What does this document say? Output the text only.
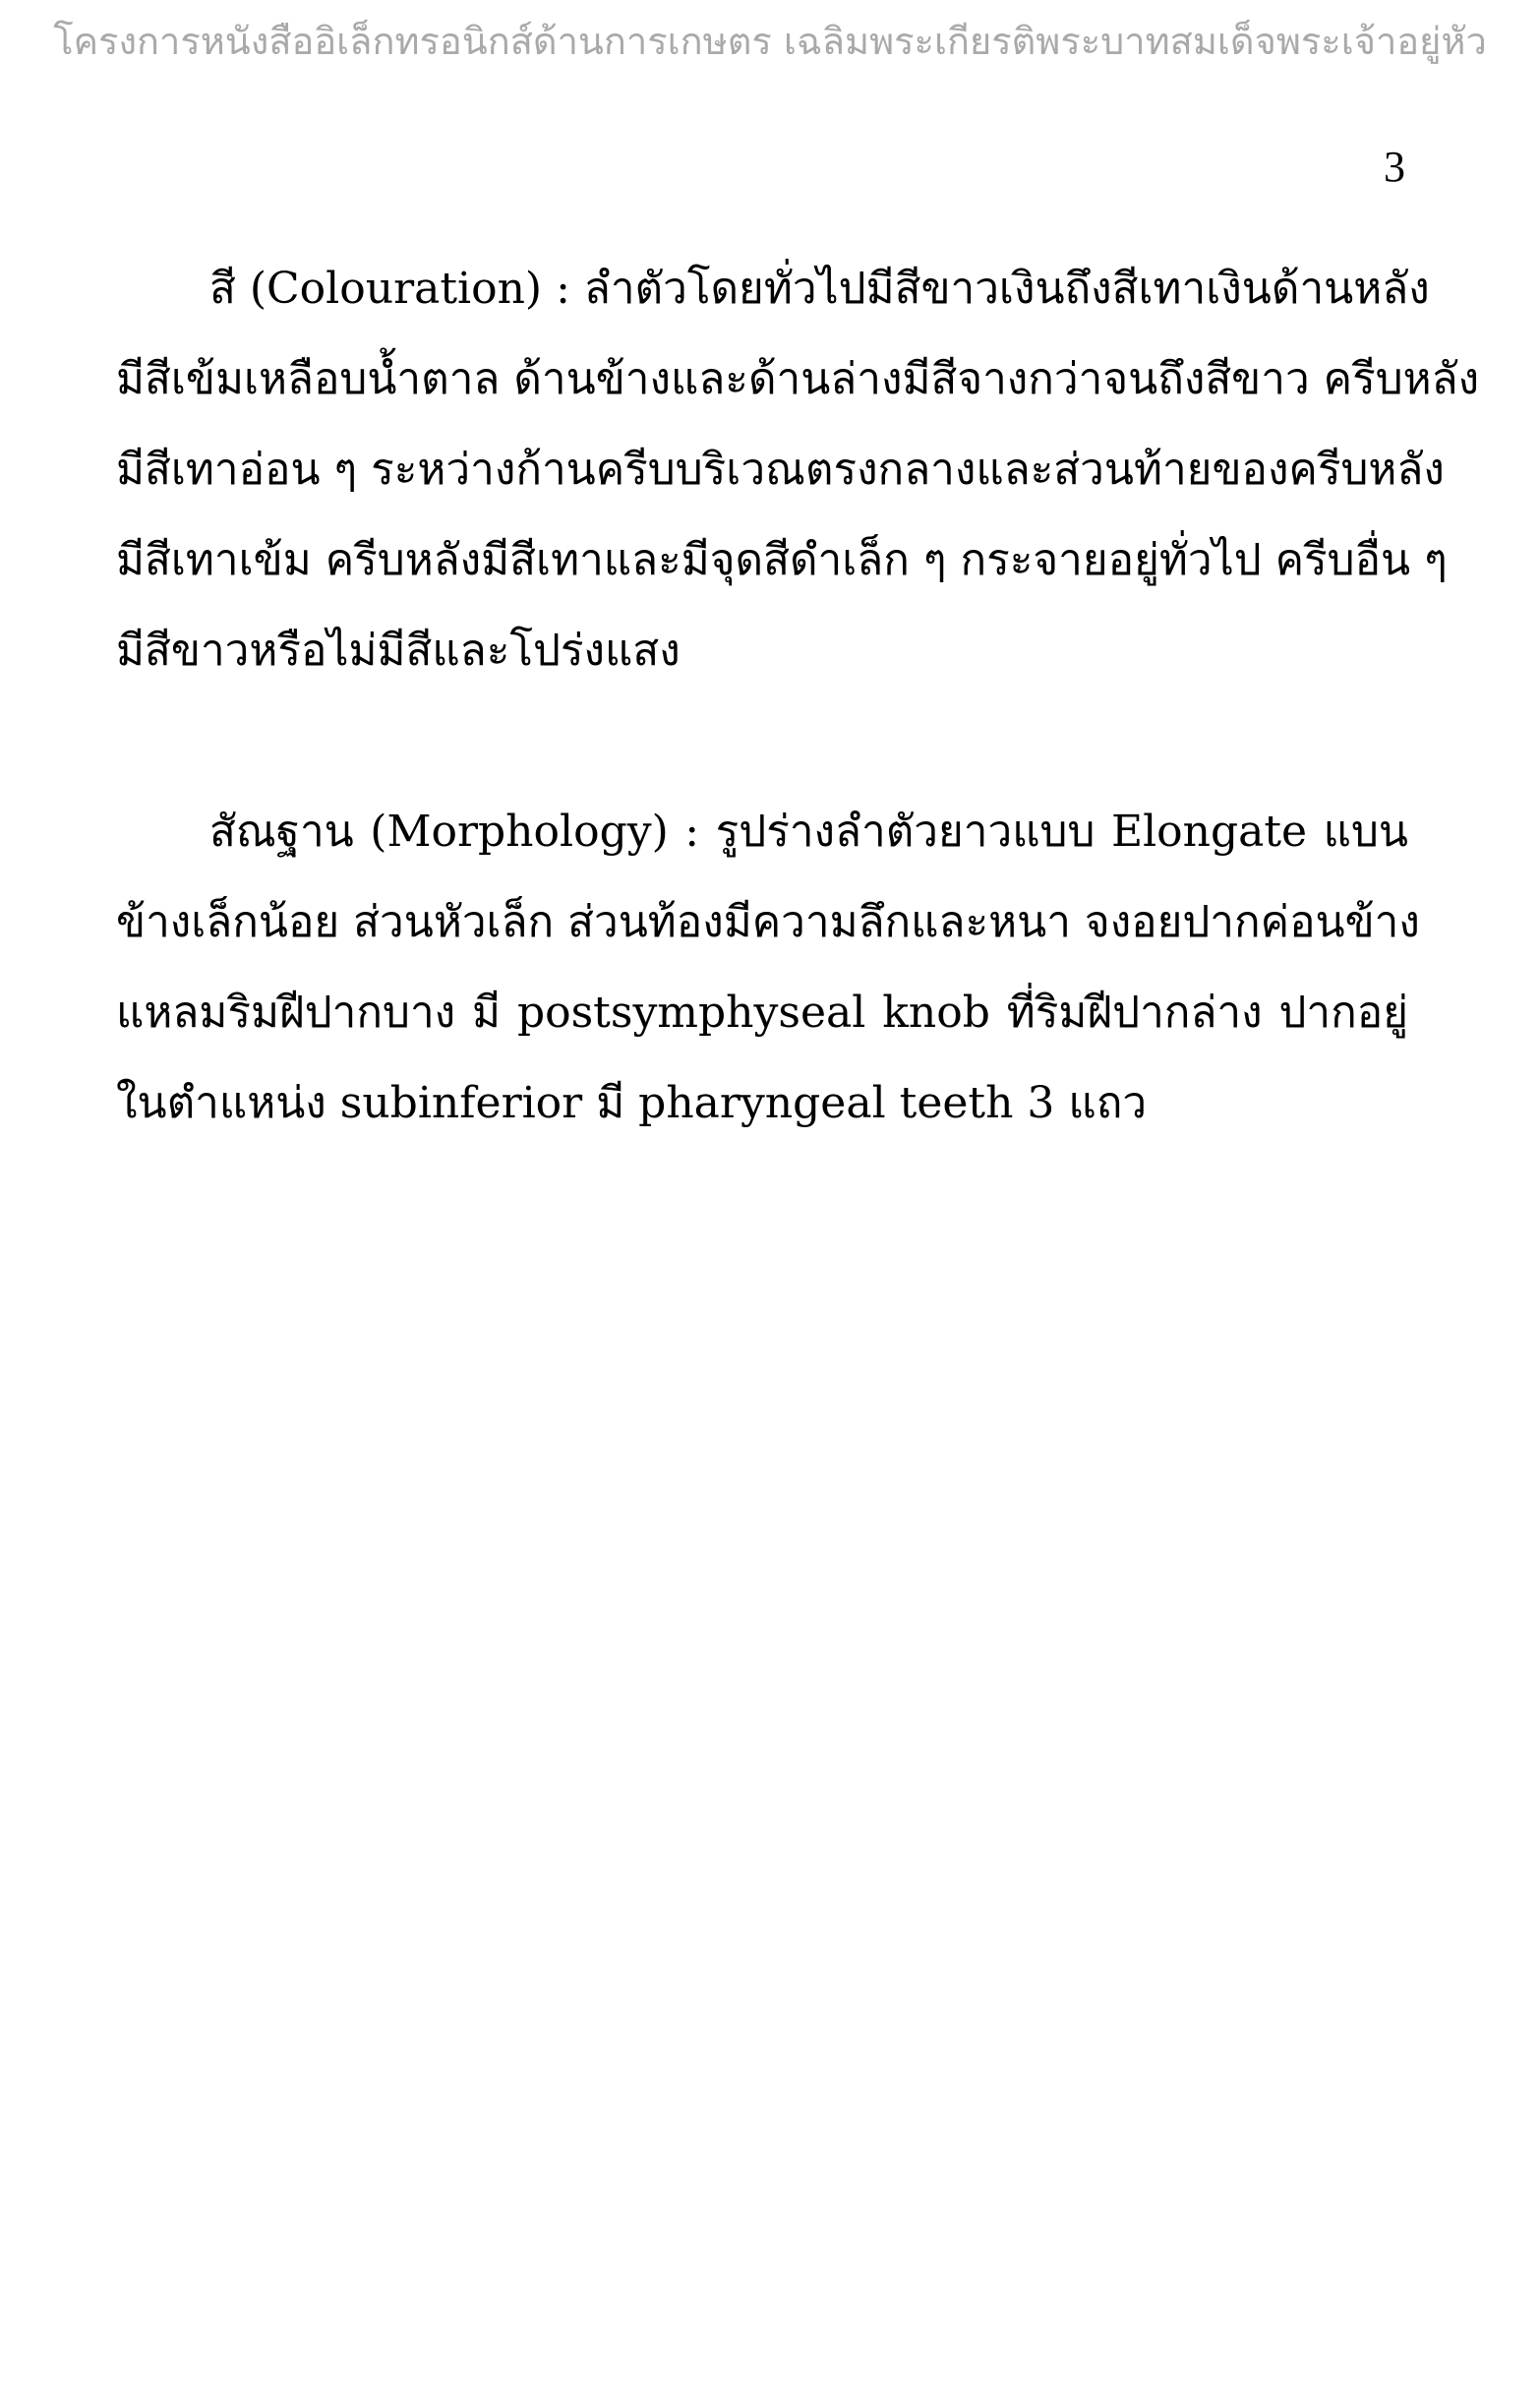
โครงการหนังสืออิเล็กทรอนิกส์ด้านการเกษตร เฉลิมพระเกียรติพระบาทสมเด็จพระเจ้าอยู่หัว
3
สี (Colouration) : ลำตัวโดยทั่วไปมีสีขาวเงินถึงสีเทาเงินด้านหลัง
มีสีเข้มเหลือบน้ำตาล ด้านข้างและด้านล่างมีสีจางกว่าจนถึงสีขาว ครีบหลัง
มีสีเทาอ่อน ๆ ระหว่างก้านครีบบริเวณตรงกลางและส่วนท้ายของครีบหลัง
มีสีเทาเข้ม ครีบหลังมีสีเทาและมีจุดสีดำเล็ก ๆ กระจายอยู่ทั่วไป ครีบอื่น ๆ
มีสีขาวหรือไม่มีสีและโปร่งแสง
สัณฐาน (Morphology) : รูปร่างลำตัวยาวแบบ Elongate แบน
ข้างเล็กน้อย ส่วนหัวเล็ก ส่วนท้องมีความลึกและหนา จงอยปากค่อนข้าง
แหลมริมฝีปากบาง มี postsymphyseal knob ที่ริมฝีปากล่าง ปากอยู่
ในตำแหน่ง subinferior มี pharyngeal teeth 3 แถว
